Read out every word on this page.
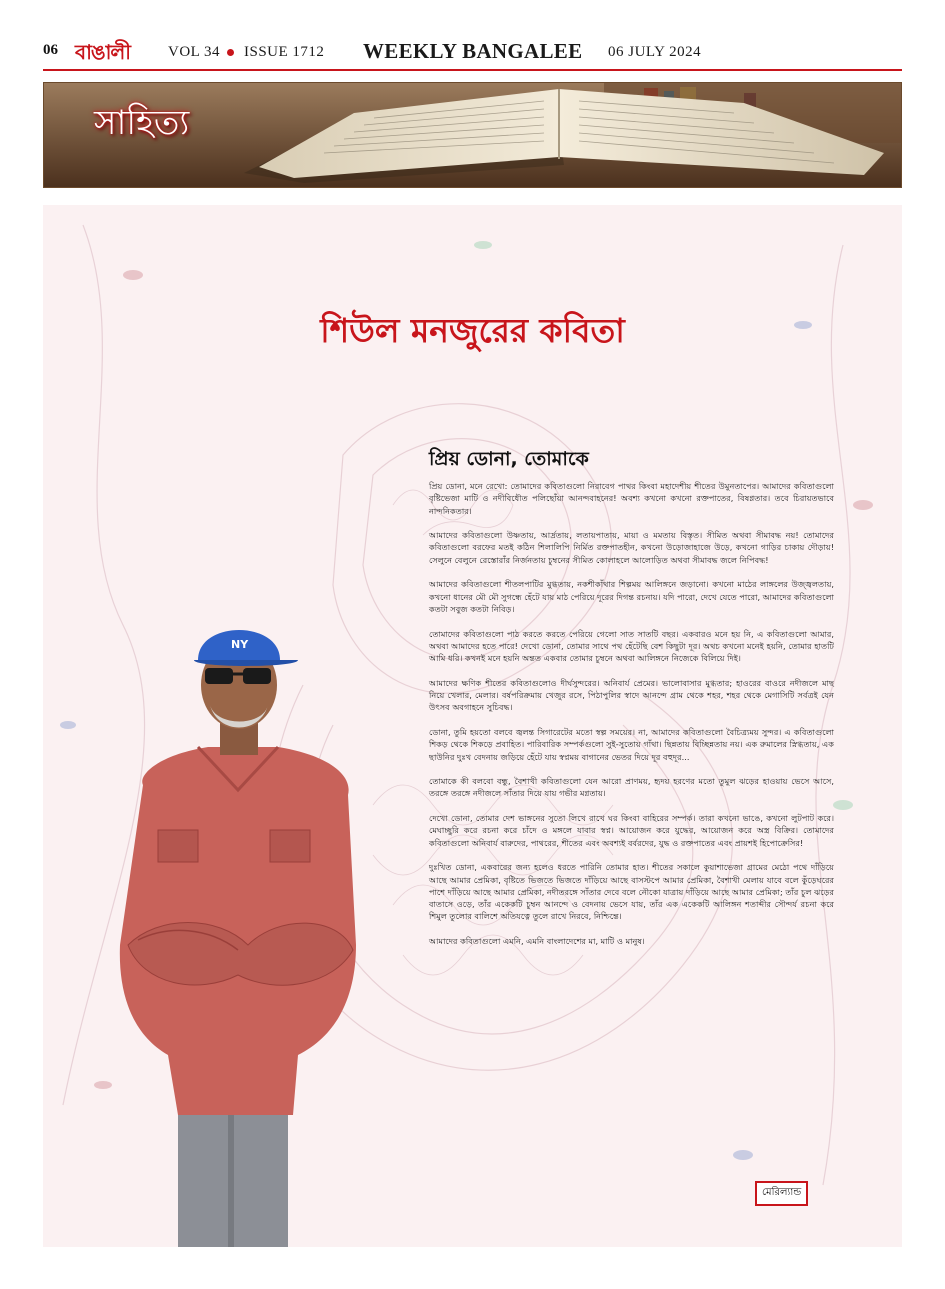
06 বাঙালী	VOL 34 ISSUE 1712 WEEKLY BANGALEE 06 JULY 2024
সাহিত্য
শিউল মনজুরের কবিতা
প্রিয় ডোনা, তোমাকে

প্রিয় ডোনা, মনে রেখো: তোমাদের কবিতাগুলো নিরাবেগ পাথর কিংবা মহাদেশীয় শীতের উমুনতাপের। আমাদের কবিতাগুলো বৃষ্টিভেজা মাটি ও নদীবিধৌত পলিছোঁয়া আনন্দবাহনের! অবশ্য কখনো কখনো রক্তপাতের, বিষণ্ণতার। তবে চিরায়তভাবে নান্দনিকতার।

আমাদের কবিতাগুলো উষ্ণতায়, আর্দ্রতায়, লতায়পাতায়, মায়া ও মমতায় বিস্তৃত। সীমিত অথবা সীমাবদ্ধ নয়! তোমাদের কবিতাগুলো বরফের মতই কঠিন শিলালিপি নির্মিত রক্তপাতহীন, কখনো উড়োজাহাজে উড়ে, কখনো গাড়ির চাকায় দৌড়ায়! সেলুনে বেলুনে রেস্তোরাঁর নির্জনতায় চুম্বনের সীমিত কোলাহলে আলোড়িত অথবা সীমাবদ্ধ জলে নিপিবদ্ধ!

আমাদের কবিতাগুলো শীতলপাটির মুগ্ধতায়, নকশীকাঁথার শিল্পময় আলিঙ্গনে জড়ানো। কখনো মাঠের লাঙ্গলের উজ্জ্বলতায়, কখনো ধানের মৌ মৌ সুগন্ধে হেঁটে যায় মাঠ পেরিয়ে দূরের দিগন্ত রচনায়। যদি পারো, দেখে যেতে পারো, আমাদের কবিতাগুলো কতটা সবুজ কতটা নিবিড়।

তোমাদের কবিতাগুলো পাঠ করতে করতে পেরিয়ে গেলো সাত সাতটি বছর। একবারও মনে হয় নি, এ কবিতাগুলো আমার, অথবা আমাদের হতে পারে! দেখো ডোনা, তোমার সাথে পথ হেঁটেছি বেশ কিছুটা দূর। অথচ কখনো মনেই হয়নি, তোমার হাতটি আমি ধরি। কখনই মনে হয়নি অন্তত একবার তোমার চুম্বনে অথবা আলিঙ্গনে নিজেকে বিলিয়ে দিই।

আমাদের ক্ষণিক শীতের কবিতাগুলোও দীর্ঘসুন্দরের। অনিবার্য প্রেমের। ভালোবাসার মুগ্ধতার; হাওরের বাওরে নদীজলে মাছ নিয়ে খেলার, মেলার। বর্ষপরিক্রমায় খেজুর রসে, পিঠাপুলির স্বাদে আনন্দে গ্রাম থেকে শহর, শহর থেকে মেগাসিটি সর্বত্রই যেন উৎসব অবগাহনে সুচিবদ্ধ।

ডোনা, তুমি হয়তো বলবে জ্বলন্ত সিগারেটের মতো স্বল্প সময়ের। না, আমাদের কবিতাগুলো বৈচিত্র্যময় সুন্দর। এ কবিতাগুলো শিকড় থেকে শিকড়ে প্রবাহিত। পারিবারিক সম্পর্কগুলো সুই-সুতোয় গাঁথা। ছিন্নতায় বিচ্ছিন্নতায় নয়। এক রুমালের স্নিগ্ধতায়, এক ছাউনির দুঃখ বেদনায় জড়িয়ে হেঁটে যায় স্বপ্নময় বাগানের ভেতর দিয়ে দূর বহুদূর...

তোমাকে কী বলবো বন্ধু, বৈশাখী কবিতাগুলো যেন আরো প্রাণময়, হৃদয় হরণের মতো তুমুল ঝড়ের হাওয়ায় ভেসে আসে, তরঙ্গে তরঙ্গে নদীজলে সাঁতার দিয়ে যায় গভীর মগ্নতায়।

দেখো ডোনা, তোমার দেশ ভাঙ্গনের সুতো লিখে রাখে ঘর কিংবা বাহিরের সম্পর্ক। তারা কখনো ভাঙে, কখনো লুটপাট করে। মেঘাচ্ছুরি করে রচনা করে চাঁদে ও মঙ্গলে যাবার স্বপ্ন। আয়োজন করে যুদ্ধের, আয়োজন করে অস্ত্র বিক্রির। তোমাদের কবিতাগুলো অনিবার্য বারুদের, পাথরের, শীতের এবং অবশ্যই বর্বরদের, যুদ্ধ ও রক্তপাতের এবং প্রায়শই হিপোক্রেসির!

দুঃখিত ডোনা, একবারের জন্য হলেও ধরতে পারিনি তোমার হাত। শীতের সকালে কুয়াশাভেজা গ্রামের মেঠো পথে দাঁড়িয়ে আছে আমার প্রেমিকা, বৃষ্টিতে ভিজতে ভিজতে দাঁড়িয়ে আছে বাসস্টপে আমার প্রেমিকা, বৈশাখী মেলায় যাবে বলে কুঁড়েঘরের পাশে দাঁড়িয়ে আছে আমার প্রেমিকা, নদীতরঙ্গে সাঁতার দেবে বলে নৌকো যাত্রায় দাঁড়িয়ে আছে আমার প্রেমিকা; তাঁর চুল ঝড়ের বাতাসে ওড়ে, তাঁর একেকটি চুম্বন আনন্দে ও বেদনায় ভেসে যায়, তাঁর এক একেকটি আলিঙ্গন শতাব্দীর সৌন্দর্য রচনা করে শিমুল তুলোর বালিশে অতিযত্নে তুলে রাখে নিরবে, নিশ্চিন্তে।

আমাদের কবিতাগুলো এমনি, এমনি বাংলাদেশের মা, মাটি ও মানুষ।

NY
মেরিল্যান্ড
